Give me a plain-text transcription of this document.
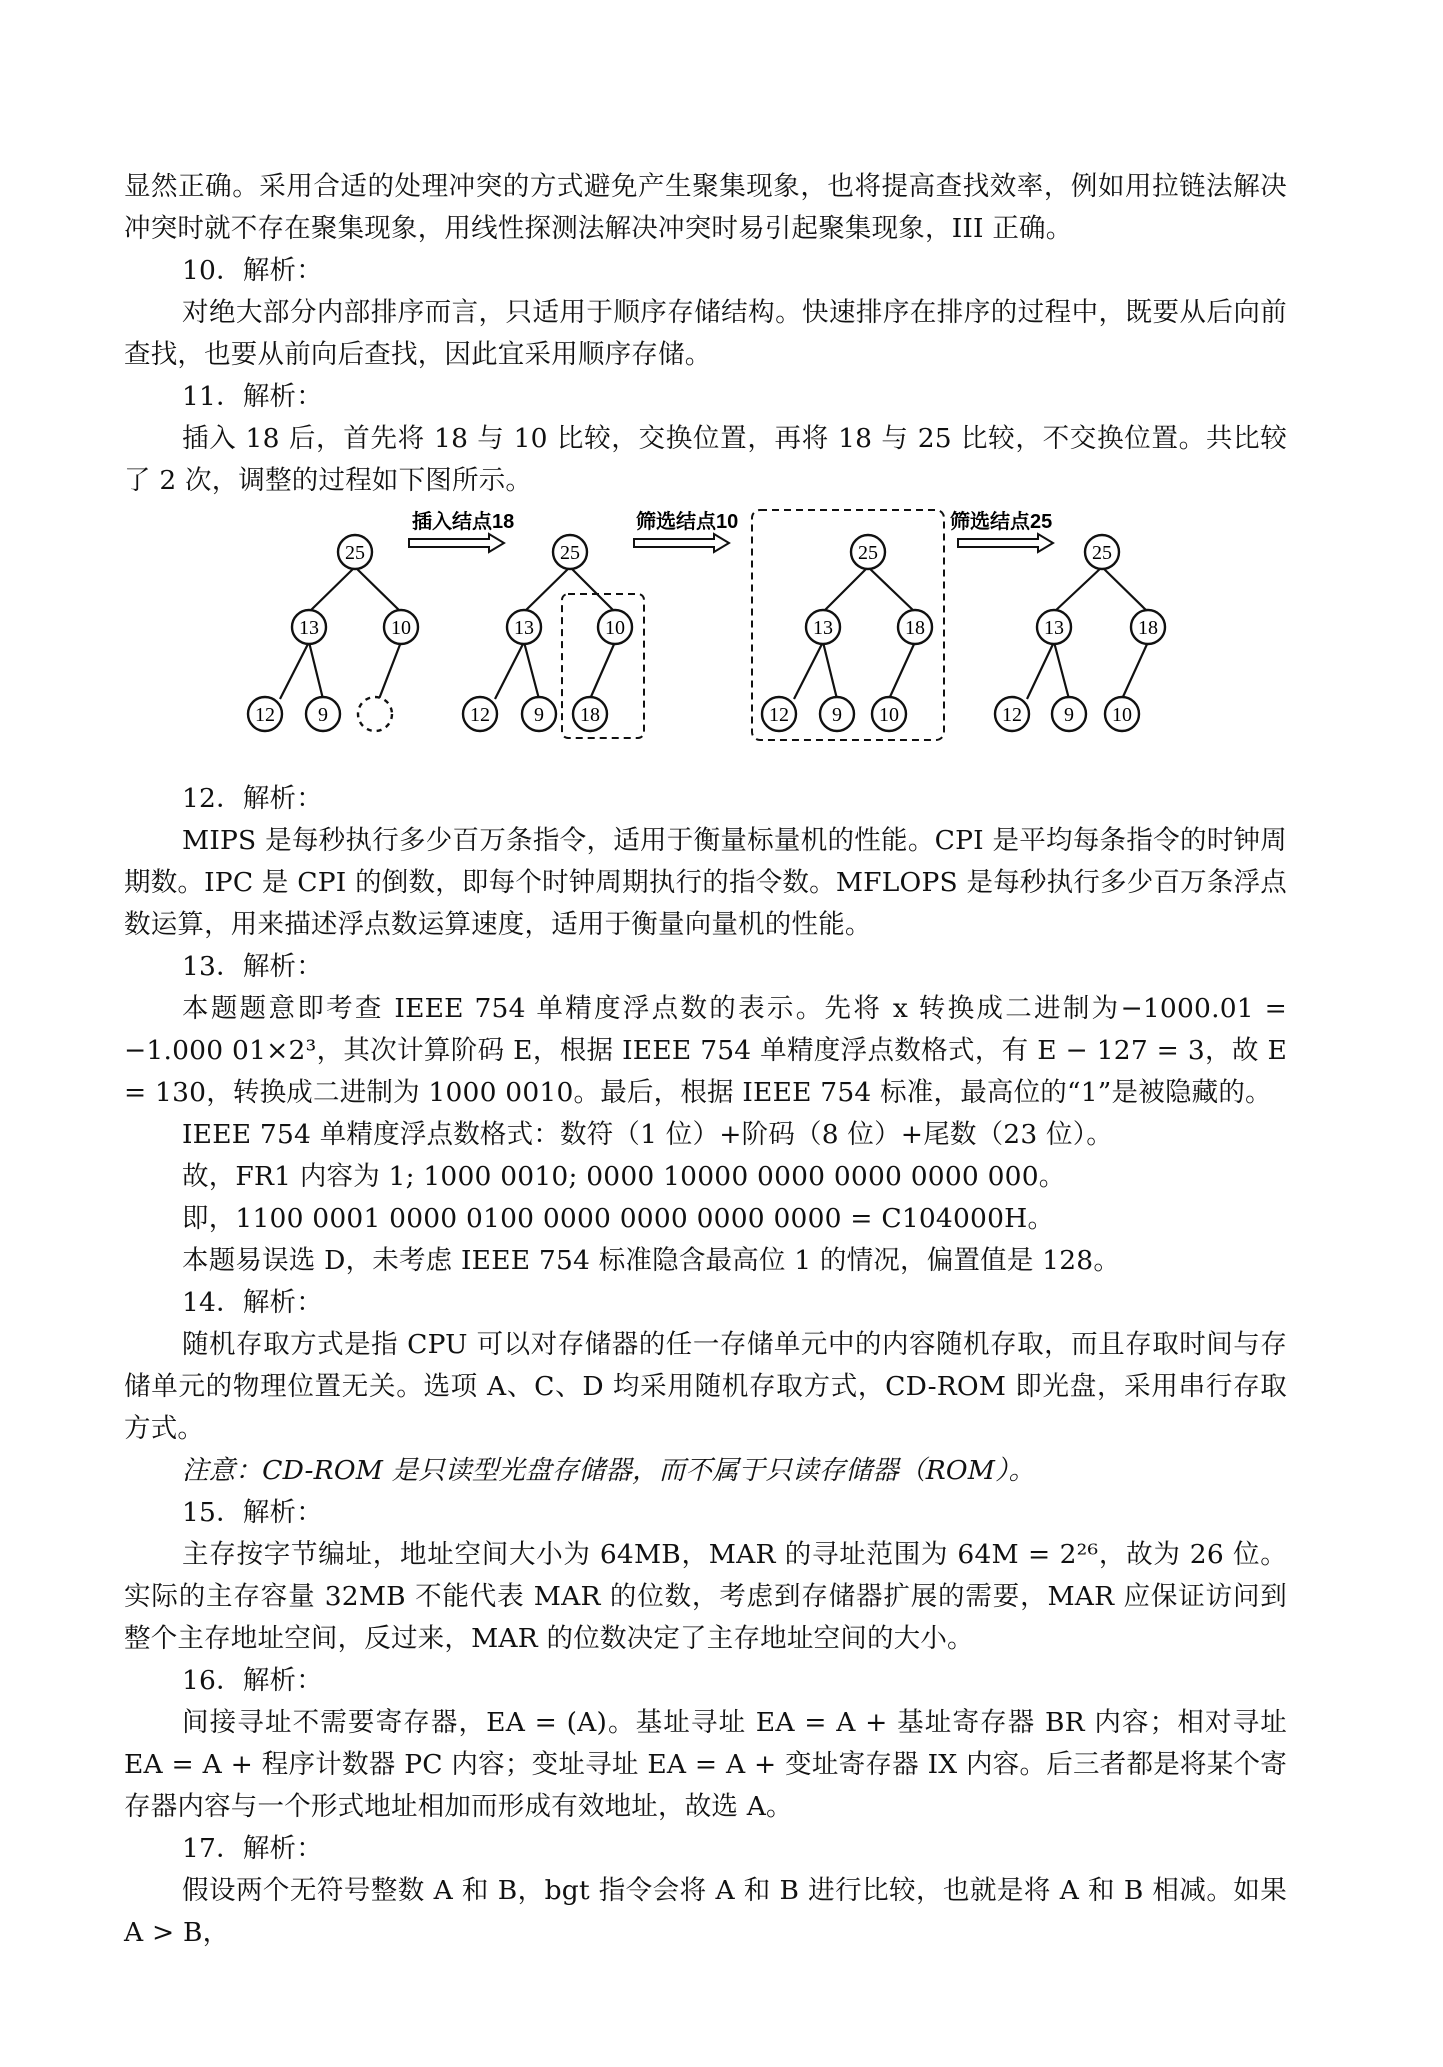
显然正确。采用合适的处理冲突的方式避免产生聚集现象，也将提高查找效率，例如用拉链法解决冲突时就不存在聚集现象，用线性探测法解决冲突时易引起聚集现象，III 正确。

10．解析：

对绝大部分内部排序而言，只适用于顺序存储结构。快速排序在排序的过程中，既要从后向前查找，也要从前向后查找，因此宜采用顺序存储。

11．解析：

插入 18 后，首先将 18 与 10 比较，交换位置，再将 18 与 25 比较，不交换位置。共比较了 2 次，调整的过程如下图所示。

25
13	10
12 9
插入结点18
25
13	10
12 9 18
筛选结点10
25
13	18
12 9 10
筛选结点25
25
13	18
12 9 10

12．解析：

MIPS 是每秒执行多少百万条指令，适用于衡量标量机的性能。CPI 是平均每条指令的时钟周期数。IPC 是 CPI 的倒数，即每个时钟周期执行的指令数。MFLOPS 是每秒执行多少百万条浮点数运算，用来描述浮点数运算速度，适用于衡量向量机的性能。

13．解析：

本题题意即考查 IEEE 754 单精度浮点数的表示。先将 x 转换成二进制为−1000.01 = −1.000 01×2³，其次计算阶码 E，根据 IEEE 754 单精度浮点数格式，有 E − 127 = 3，故 E = 130，转换成二进制为 1000 0010。最后，根据 IEEE 754 标准，最高位的“1”是被隐藏的。

IEEE 754 单精度浮点数格式：数符（1 位）+阶码（8 位）+尾数（23 位）。

故，FR1 内容为 1; 1000 0010; 0000 10000 0000 0000 0000 000。

即，1100 0001 0000 0100 0000 0000 0000 0000 = C104000H。

本题易误选 D，未考虑 IEEE 754 标准隐含最高位 1 的情况，偏置值是 128。

14．解析：

随机存取方式是指 CPU 可以对存储器的任一存储单元中的内容随机存取，而且存取时间与存储单元的物理位置无关。选项 A、C、D 均采用随机存取方式，CD-ROM 即光盘，采用串行存取方式。

注意：CD-ROM 是只读型光盘存储器，而不属于只读存储器（ROM）。

15．解析：

主存按字节编址，地址空间大小为 64MB，MAR 的寻址范围为 64M = 2²⁶，故为 26 位。实际的主存容量 32MB 不能代表 MAR 的位数，考虑到存储器扩展的需要，MAR 应保证访问到整个主存地址空间，反过来，MAR 的位数决定了主存地址空间的大小。

16．解析：

间接寻址不需要寄存器，EA = (A)。基址寻址 EA = A + 基址寄存器 BR 内容；相对寻址 EA = A + 程序计数器 PC 内容；变址寻址 EA = A + 变址寄存器 IX 内容。后三者都是将某个寄存器内容与一个形式地址相加而形成有效地址，故选 A。

17．解析：

假设两个无符号整数 A 和 B，bgt 指令会将 A 和 B 进行比较，也就是将 A 和 B 相减。如果 A > B，
